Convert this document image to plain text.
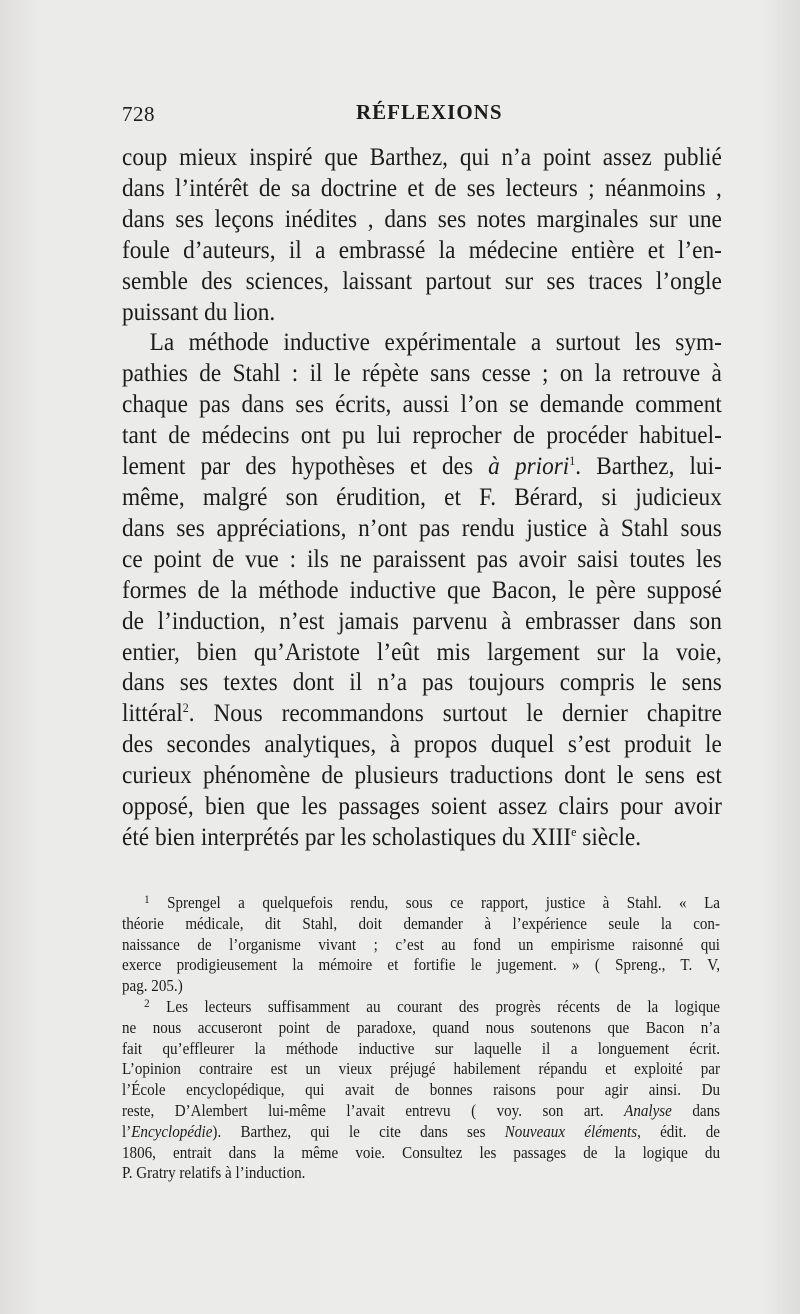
728	RÉFLEXIONS

coup mieux inspiré que Barthez, qui n’a point assez publié
dans l’intérêt de sa doctrine et de ses lecteurs ; néanmoins ,
dans ses leçons inédites , dans ses notes marginales sur une
foule d’auteurs, il a embrassé la médecine entière et l’en-
semble des sciences, laissant partout sur ses traces l’ongle
puissant du lion.

La méthode inductive expérimentale a surtout les sym-
pathies de Stahl : il le répète sans cesse ; on la retrouve à
chaque pas dans ses écrits, aussi l’on se demande comment
tant de médecins ont pu lui reprocher de procéder habituel-
lement par des hypothèses et des à priori$^1$. Barthez, lui-
même, malgré son érudition, et F. Bérard, si judicieux
dans ses appréciations, n’ont pas rendu justice à Stahl sous
ce point de vue : ils ne paraissent pas avoir saisi toutes les
formes de la méthode inductive que Bacon, le père supposé
de l’induction, n’est jamais parvenu à embrasser dans son
entier, bien qu’Aristote l’eût mis largement sur la voie,
dans ses textes dont il n’a pas toujours compris le sens
littéral$^2$. Nous recommandons surtout le dernier chapitre
des secondes analytiques, à propos duquel s’est produit le
curieux phénomène de plusieurs traductions dont le sens est
opposé, bien que les passages soient assez clairs pour avoir
été bien interprétés par les scholastiques du XIIIe siècle.

$^1$ Sprengel a quelquefois rendu, sous ce rapport, justice à Stahl. « La
théorie médicale, dit Stahl, doit demander à l’expérience seule la con-
naissance de l’organisme vivant ; c’est au fond un empirisme raisonné qui
exerce prodigieusement la mémoire et fortifie le jugement. » ( Spreng., T. V,
pag. 205.)
$^2$ Les lecteurs suffisamment au courant des progrès récents de la logique
ne nous accuseront point de paradoxe, quand nous soutenons que Bacon n’a
fait qu’effleurer la méthode inductive sur laquelle il a longuement écrit.
L’opinion contraire est un vieux préjugé habilement répandu et exploité par
l’École encyclopédique, qui avait de bonnes raisons pour agir ainsi. Du
reste, D’Alembert lui-même l’avait entrevu ( voy. son art. Analyse dans
l’Encyclopédie). Barthez, qui le cite dans ses Nouveaux éléments, édit. de
1806, entrait dans la même voie. Consultez les passages de la logique du
P. Gratry relatifs à l’induction.
